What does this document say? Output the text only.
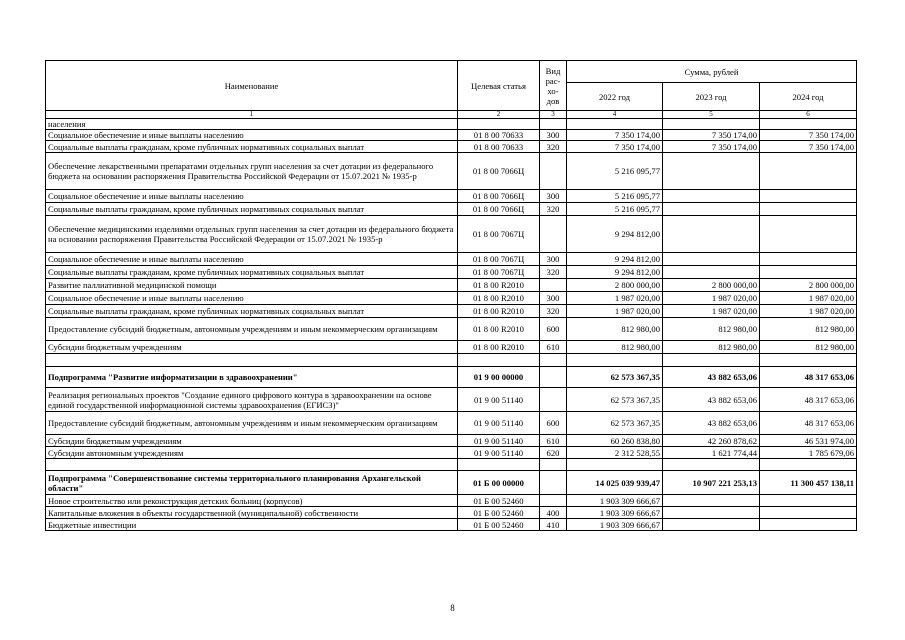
Наименование	Целевая статья	Вид рас-хо-дов	Сумма, рублей		
			2022 год	2023 год	2024 год
1	2	3	4	5	6
населения					
Социальное обеспечение и иные выплаты населению	01 8 00 70633	300	7 350 174,00	7 350 174,00	7 350 174,00
Социальные выплаты гражданам, кроме публичных нормативных социальных выплат	01 8 00 70633	320	7 350 174,00	7 350 174,00	7 350 174,00
Обеспечение лекарственными препаратами отдельных групп населения за счет дотации из федерального бюджета на основании распоряжения Правительства Российской Федерации от 15.07.2021 № 1935-р	01 8 00 7066Ц		5 216 095,77		
Социальное обеспечение и иные выплаты населению	01 8 00 7066Ц	300	5 216 095,77		
Социальные выплаты гражданам, кроме публичных нормативных социальных выплат	01 8 00 7066Ц	320	5 216 095,77		
Обеспечение медицинскими изделиями отдельных групп населения за счет дотации из федерального бюджета на основании распоряжения Правительства Российской Федерации от 15.07.2021 № 1935-р	01 8 00 7067Ц		9 294 812,00		
Социальное обеспечение и иные выплаты населению	01 8 00 7067Ц	300	9 294 812,00		
Социальные выплаты гражданам, кроме публичных нормативных социальных выплат	01 8 00 7067Ц	320	9 294 812,00		
Развитие паллиативной медицинской помощи	01 8 00 R2010		2 800 000,00	2 800 000,00	2 800 000,00
Социальное обеспечение и иные выплаты населению	01 8 00 R2010	300	1 987 020,00	1 987 020,00	1 987 020,00
Социальные выплаты гражданам, кроме публичных нормативных социальных выплат	01 8 00 R2010	320	1 987 020,00	1 987 020,00	1 987 020,00
Предоставление субсидий бюджетным, автономным учреждениям и иным некоммерческим организациям	01 8 00 R2010	600	812 980,00	812 980,00	812 980,00
Субсидии бюджетным учреждениям	01 8 00 R2010	610	812 980,00	812 980,00	812 980,00

Подпрограмма "Развитие информатизации в здравоохранении"	01 9 00 00000		62 573 367,35	43 882 653,06	48 317 653,06
Реализация региональных проектов "Создание единого цифрового контура в здравоохранении на основе единой государственной информационной системы здравоохранения (ЕГИСЗ)"	01 9 00 51140		62 573 367,35	43 882 653,06	48 317 653,06
Предоставление субсидий бюджетным, автономным учреждениям и иным некоммерческим организациям	01 9 00 51140	600	62 573 367,35	43 882 653,06	48 317 653,06
Субсидии бюджетным учреждениям	01 9 00 51140	610	60 260 838,80	42 260 878,62	46 531 974,00
Субсидии автономным учреждениям	01 9 00 51140	620	2 312 528,55	1 621 774,44	1 785 679,06

Подпрограмма "Совершенствование системы территориального планирования Архангельской области"	01 Б 00 00000		14 025 039 939,47	10 907 221 253,13	11 300 457 138,11
Новое строительство или реконструкция детских больниц (корпусов)	01 Б 00 52460		1 903 309 666,67		
Капитальные вложения в объекты государственной (муниципальной) собственности	01 Б 00 52460	400	1 903 309 666,67		
Бюджетные инвестиции	01 Б 00 52460	410	1 903 309 666,67		
8
